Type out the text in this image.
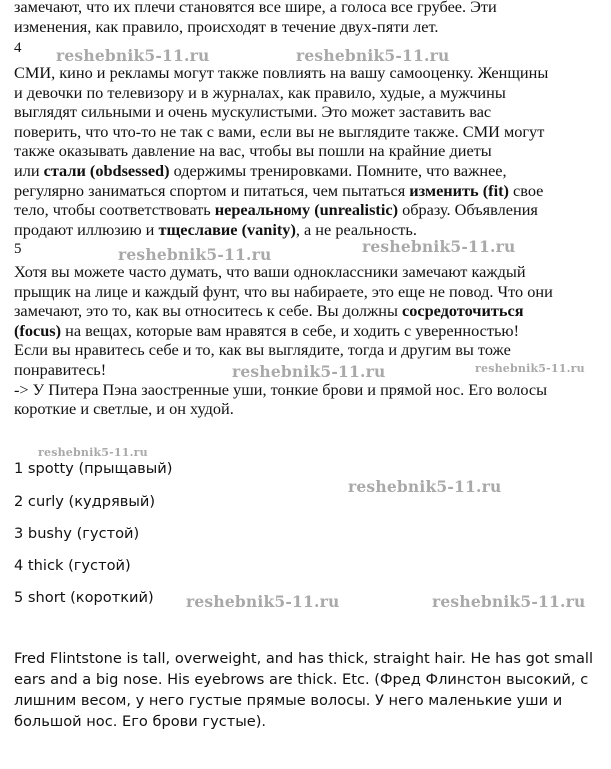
замечают, что их плечи становятся все шире, а голоса все грубее. Эти
изменения, как правило, происходят в течение двух-пяти лет.
4
СМИ, кино и рекламы могут также повлиять на вашу самооценку. Женщины
и девочки по телевизору и в журналах, как правило, худые, а мужчины
выглядят сильными и очень мускулистыми. Это может заставить вас
поверить, что что-то не так с вами, если вы не выглядите также. СМИ могут
также оказывать давление на вас, чтобы вы пошли на крайние диеты
или стали (obdsessed) одержимы тренировками. Помните, что важнее,
регулярно заниматься спортом и питаться, чем пытаться изменить (fit) свое
тело, чтобы соответствовать нереальному (unrealistic) образу. Объявления
продают иллюзию и тщеславие (vanity), а не реальность.
5
Хотя вы можете часто думать, что ваши одноклассники замечают каждый
прыщик на лице и каждый фунт, что вы набираете, это еще не повод. Что они
замечают, это то, как вы относитесь к себе. Вы должны сосредоточиться
(focus) на вещах, которые вам нравятся в себе, и ходить с уверенностью!
Если вы нравитесь себе и то, как вы выглядите, тогда и другим вы тоже
понравитесь!
-> У Питера Пэна заостренные уши, тонкие брови и прямой нос. Его волосы
короткие и светлые, и он худой.
1 spotty (прыщавый)
2 curly (кудрявый)
3 bushy (густой)
4 thick (густой)
5 short (короткий)
Fred Flintstone is tall, overweight, and has thick, straight hair. He has got small
ears and a big nose. His eyebrows are thick. Etc. (Фред Флинстон высокий, с
лишним весом, у него густые прямые волосы. У него маленькие уши и
большой нос. Его брови густые).
reshebnik5-11.ru	reshebnik5-11.ru
reshebnik5-11.ru	reshebnik5-11.ru
reshebnik5-11.ru	reshebnik5-11.ru
reshebnik5-11.ru
reshebnik5-11.ru
reshebnik5-11.ru	reshebnik5-11.ru
